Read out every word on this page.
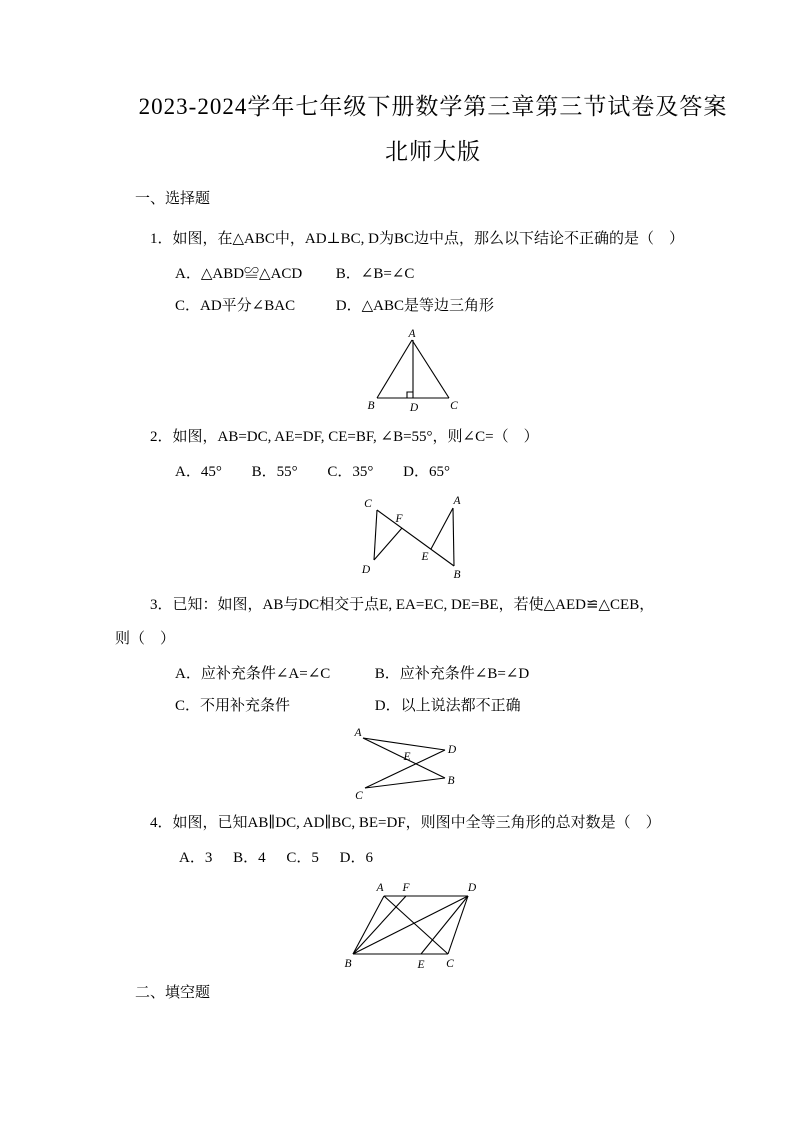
2023-2024学年七年级下册数学第三章第三节试卷及答案北师大版
一、选择题

1．如图，在△ABC中，AD⊥BC, D为BC边中点，那么以下结论不正确的是（　）

A．△ABD≌△ACD B．∠B=∠C
C．AD平分∠BAC	D．△ABC是等边三角形
A
B	D	C

2．如图，AB=DC, AE=DF, CE=BF, ∠B=55°，则∠C=（　）

A．45° B．55° C．35° D．65°
C
F
A
D
E
B

3．已知：如图，AB与DC相交于点E, EA=EC, DE=BE，若使△AED≌△CEB，

则（　）

A．应补充条件∠A=∠C	B．应补充条件∠B=∠D
C．不用补充条件	D．以上说法都不正确
A
D
E
B
C

4．如图，已知AB∥DC, AD∥BC, BE=DF，则图中全等三角形的总对数是（　）

A．3 B．4 C．5 D．6
A F	D
B	E C
二、填空题
